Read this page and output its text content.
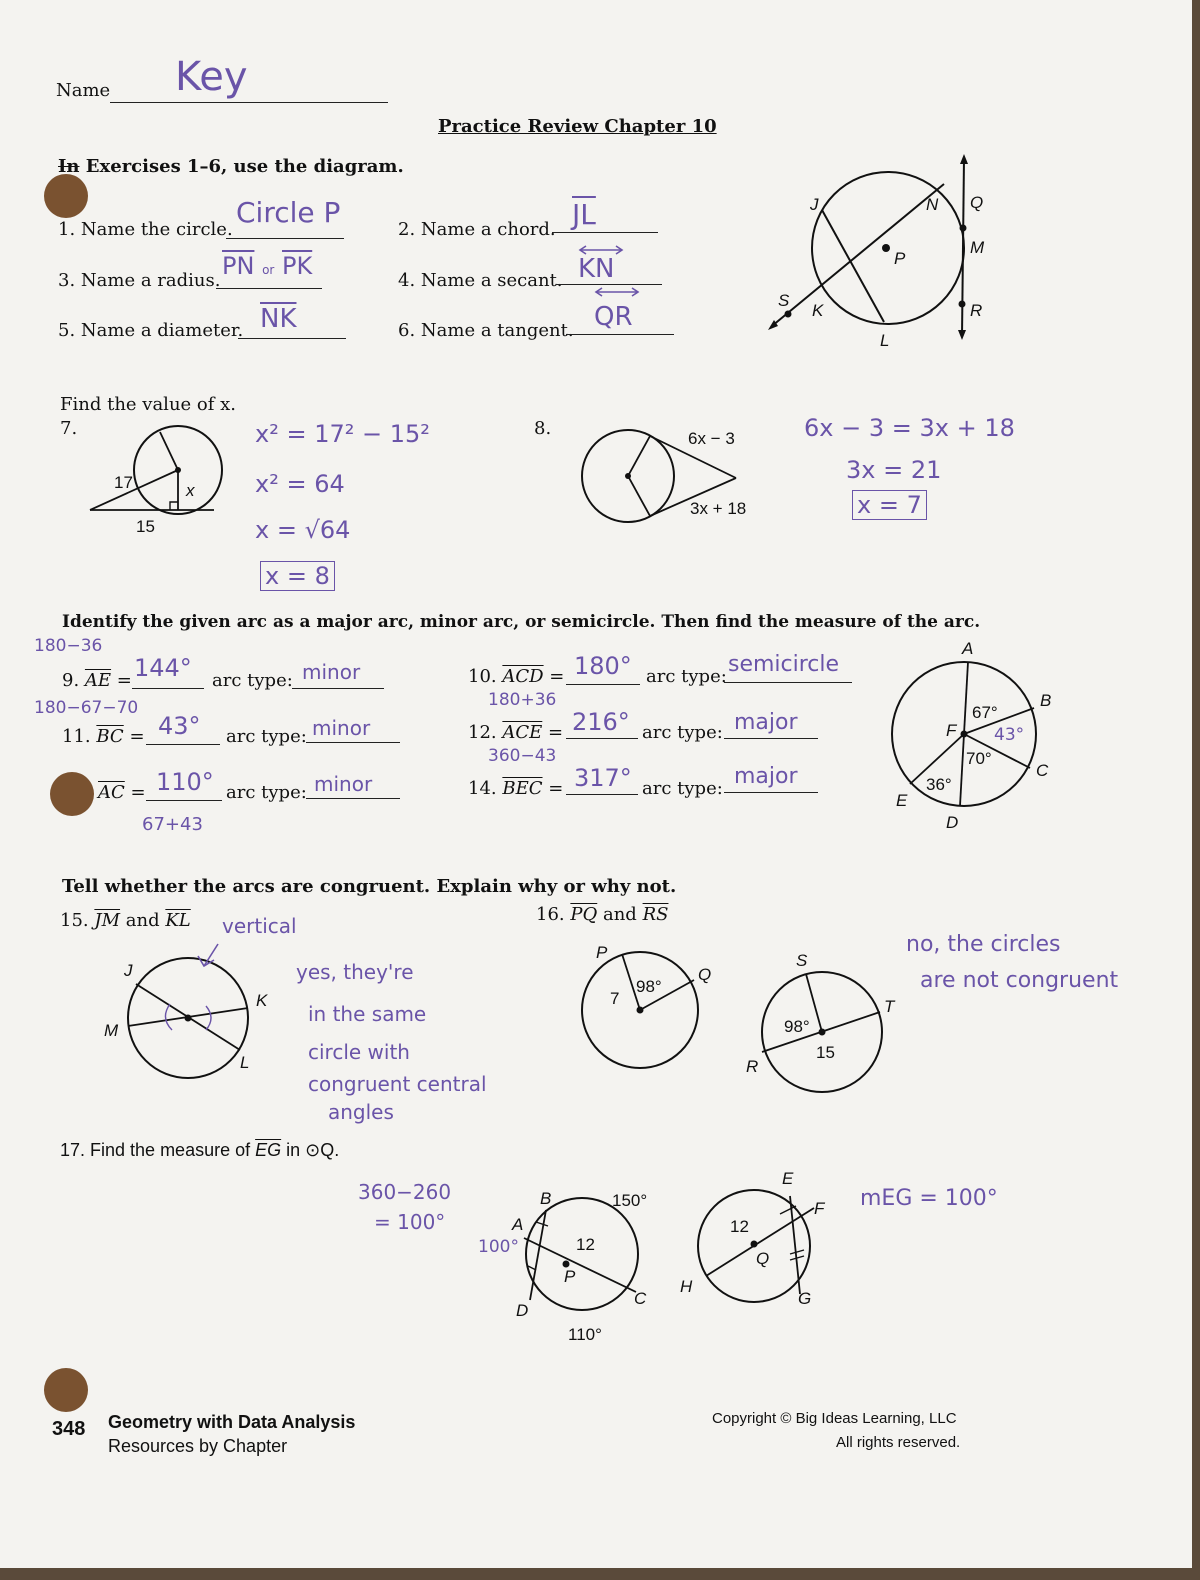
Name Key
Practice Review Chapter 10
In Exercises 1–6, use the diagram.
1. Name the circle.
Circle P
2. Name a chord. $\overline{JL}$
3. Name a radius.
$\overline{PN}$ or $\overline{PK}$
4. Name a secant. KN
5. Name a diameter. $\overline{NK}$	6. Name a tangent. QR
J	N Q
M
P
S
K	R
L
Find the value of x.
7.	8.
17
15
x
x² = 17² − 15²
x² = 64
x = √64
x = 8
6x − 3
3x + 18
6x − 3 = 3x + 18
3x = 21
x = 7
Identify the given arc as a major arc, minor arc, or semicircle. Then find the measure of the arc.
180−36
9. $\overline{AE} = 144^\circ$ arc type: minor	10. $\overline{ACD} = 180^\circ$ arc type: semicircle
180−67−70
11. $\overline{BC} = 43^\circ$ arc type: minor
180+36
12. $\overline{ACE} = 216^\circ$ arc type: major
360−43
$\overline{AC} = 110^\circ$ arc type: minor
67+43
14. $\overline{BEC} = 317^\circ$ arc type: major
A
B
C
D
E
F
67°
43°
70°
36°
Tell whether the arcs are congruent. Explain why or why not.
15. $\overline{JM}$ and $\overline{KL}$ vertical
J
K
M
L
yes, they're
in the same
circle with
congruent central
angles
16. $\overline{PQ}$ and $\overline{RS}$
P
Q
7
98°
S
R
T
98°
15
no, the circles
are not congruent
17. Find the measure of $\overline{EG}$ in ⊙Q.
360−260
= 100°
B
A
100°
150°
12
P
D
C
110°
H
E
F
12
Q
G
mEG = 100°
348 Geometry with Data Analysis
Resources by Chapter
Copyright © Big Ideas Learning, LLC
All rights reserved.
